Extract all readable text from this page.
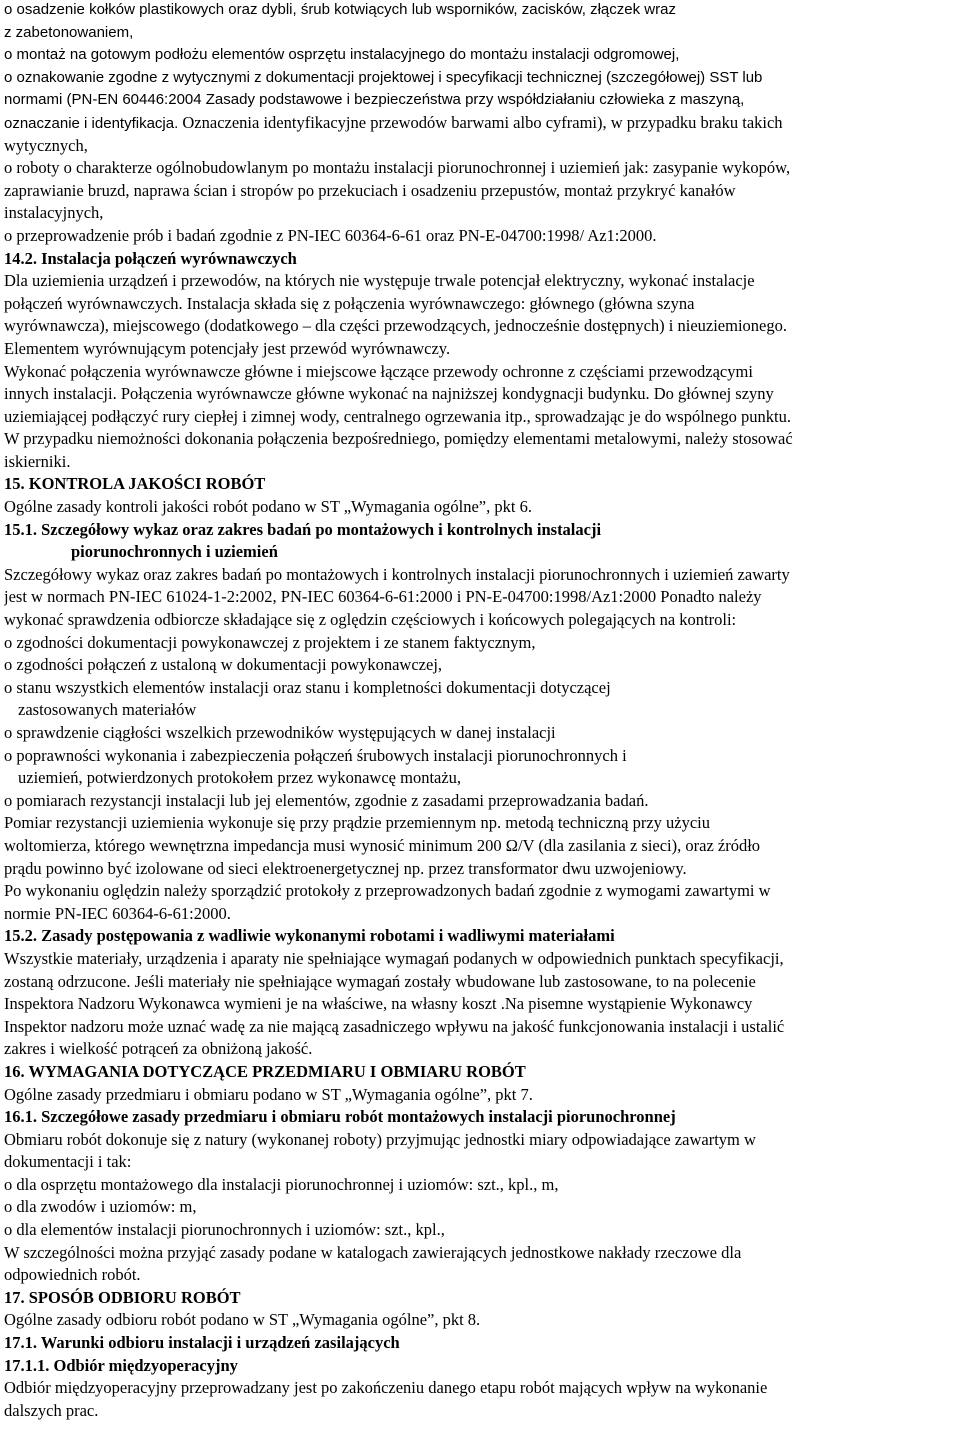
o osadzenie kołków plastikowych oraz dybli, śrub kotwiących lub wsporników, zacisków, złączek wraz
z zabetonowaniem,
o montaż na gotowym podłożu elementów osprzętu instalacyjnego do montażu instalacji odgromowej,
o oznakowanie zgodne z wytycznymi z dokumentacji projektowej i specyfikacji technicznej (szczegółowej) SST lub
normami (PN-EN 60446:2004 Zasady podstawowe i bezpieczeństwa przy współdziałaniu człowieka z maszyną,
oznaczanie i identyfikacja. Oznaczenia identyfikacyjne przewodów barwami albo cyframi), w przypadku braku takich
wytycznych,
o roboty o charakterze ogólnobudowlanym po montażu instalacji piorunochronnej i uziemień jak: zasypanie wykopów,
zaprawianie bruzd, naprawa ścian i stropów po przekuciach i osadzeniu przepustów, montaż przykryć kanałów
instalacyjnych,
o przeprowadzenie prób i badań zgodnie z PN-IEC 60364-6-61 oraz PN-E-04700:1998/ Az1:2000.
14.2. Instalacja połączeń wyrównawczych
Dla uziemienia urządzeń i przewodów, na których nie występuje trwale potencjał elektryczny, wykonać instalacje
połączeń wyrównawczych. Instalacja składa się z połączenia wyrównawczego: głównego (główna szyna
wyrównawcza), miejscowego (dodatkowego – dla części przewodzących, jednocześnie dostępnych) i nieuziemionego.
Elementem wyrównującym potencjały jest przewód wyrównawczy.
Wykonać połączenia wyrównawcze główne i miejscowe łączące przewody ochronne z częściami przewodzącymi
innych instalacji. Połączenia wyrównawcze główne wykonać na najniższej kondygnacji budynku. Do głównej szyny
uziemiającej podłączyć rury ciepłej i zimnej wody, centralnego ogrzewania itp., sprowadzając je do wspólnego punktu.
W przypadku niemożności dokonania połączenia bezpośredniego, pomiędzy elementami metalowymi, należy stosować
iskierniki.
15. KONTROLA JAKOŚCI ROBÓT
Ogólne zasady kontroli jakości robót podano w ST „Wymagania ogólne”, pkt 6.
15.1. Szczegółowy wykaz oraz zakres badań po montażowych i kontrolnych instalacji
piorunochronnych i uziemień
Szczegółowy wykaz oraz zakres badań po montażowych i kontrolnych instalacji piorunochronnych i uziemień zawarty
jest w normach PN-IEC 61024-1-2:2002, PN-IEC 60364-6-61:2000 i PN-E-04700:1998/Az1:2000 Ponadto należy
wykonać sprawdzenia odbiorcze składające się z oględzin częściowych i końcowych polegających na kontroli:
o zgodności dokumentacji powykonawczej z projektem i ze stanem faktycznym,
o zgodności połączeń z ustaloną w dokumentacji powykonawczej,
o stanu wszystkich elementów instalacji oraz stanu i kompletności dokumentacji dotyczącej
zastosowanych materiałów
o sprawdzenie ciągłości wszelkich przewodników występujących w danej instalacji
o poprawności wykonania i zabezpieczenia połączeń śrubowych instalacji piorunochronnych i
uziemień, potwierdzonych protokołem przez wykonawcę montażu,
o pomiarach rezystancji instalacji lub jej elementów, zgodnie z zasadami przeprowadzania badań.
Pomiar rezystancji uziemienia wykonuje się przy prądzie przemiennym np. metodą techniczną przy użyciu
woltomierza, którego wewnętrzna impedancja musi wynosić minimum 200 Ω/V (dla zasilania z sieci), oraz źródło
prądu powinno być izolowane od sieci elektroenergetycznej np. przez transformator dwu uzwojeniowy.
Po wykonaniu oględzin należy sporządzić protokoły z przeprowadzonych badań zgodnie z wymogami zawartymi w
normie PN-IEC 60364-6-61:2000.
15.2. Zasady postępowania z wadliwie wykonanymi robotami i wadliwymi materiałami
Wszystkie materiały, urządzenia i aparaty nie spełniające wymagań podanych w odpowiednich punktach specyfikacji,
zostaną odrzucone. Jeśli materiały nie spełniające wymagań zostały wbudowane lub zastosowane, to na polecenie
Inspektora Nadzoru Wykonawca wymieni je na właściwe, na własny koszt .Na pisemne wystąpienie Wykonawcy
Inspektor nadzoru może uznać wadę za nie mającą zasadniczego wpływu na jakość funkcjonowania instalacji i ustalić
zakres i wielkość potrąceń za obniżoną jakość.
16. WYMAGANIA DOTYCZĄCE PRZEDMIARU I OBMIARU ROBÓT
Ogólne zasady przedmiaru i obmiaru podano w ST „Wymagania ogólne”, pkt 7.
16.1. Szczegółowe zasady przedmiaru i obmiaru robót montażowych instalacji piorunochronnej
Obmiaru robót dokonuje się z natury (wykonanej roboty) przyjmując jednostki miary odpowiadające zawartym w
dokumentacji i tak:
o dla osprzętu montażowego dla instalacji piorunochronnej i uziomów: szt., kpl., m,
o dla zwodów i uziomów: m,
o dla elementów instalacji piorunochronnych i uziomów: szt., kpl.,
W szczególności można przyjąć zasady podane w katalogach zawierających jednostkowe nakłady rzeczowe dla
odpowiednich robót.
17. SPOSÓB ODBIORU ROBÓT
Ogólne zasady odbioru robót podano w ST „Wymagania ogólne”, pkt 8.
17.1. Warunki odbioru instalacji i urządzeń zasilających
17.1.1. Odbiór międzyoperacyjny
Odbiór międzyoperacyjny przeprowadzany jest po zakończeniu danego etapu robót mających wpływ na wykonanie
dalszych prac.
